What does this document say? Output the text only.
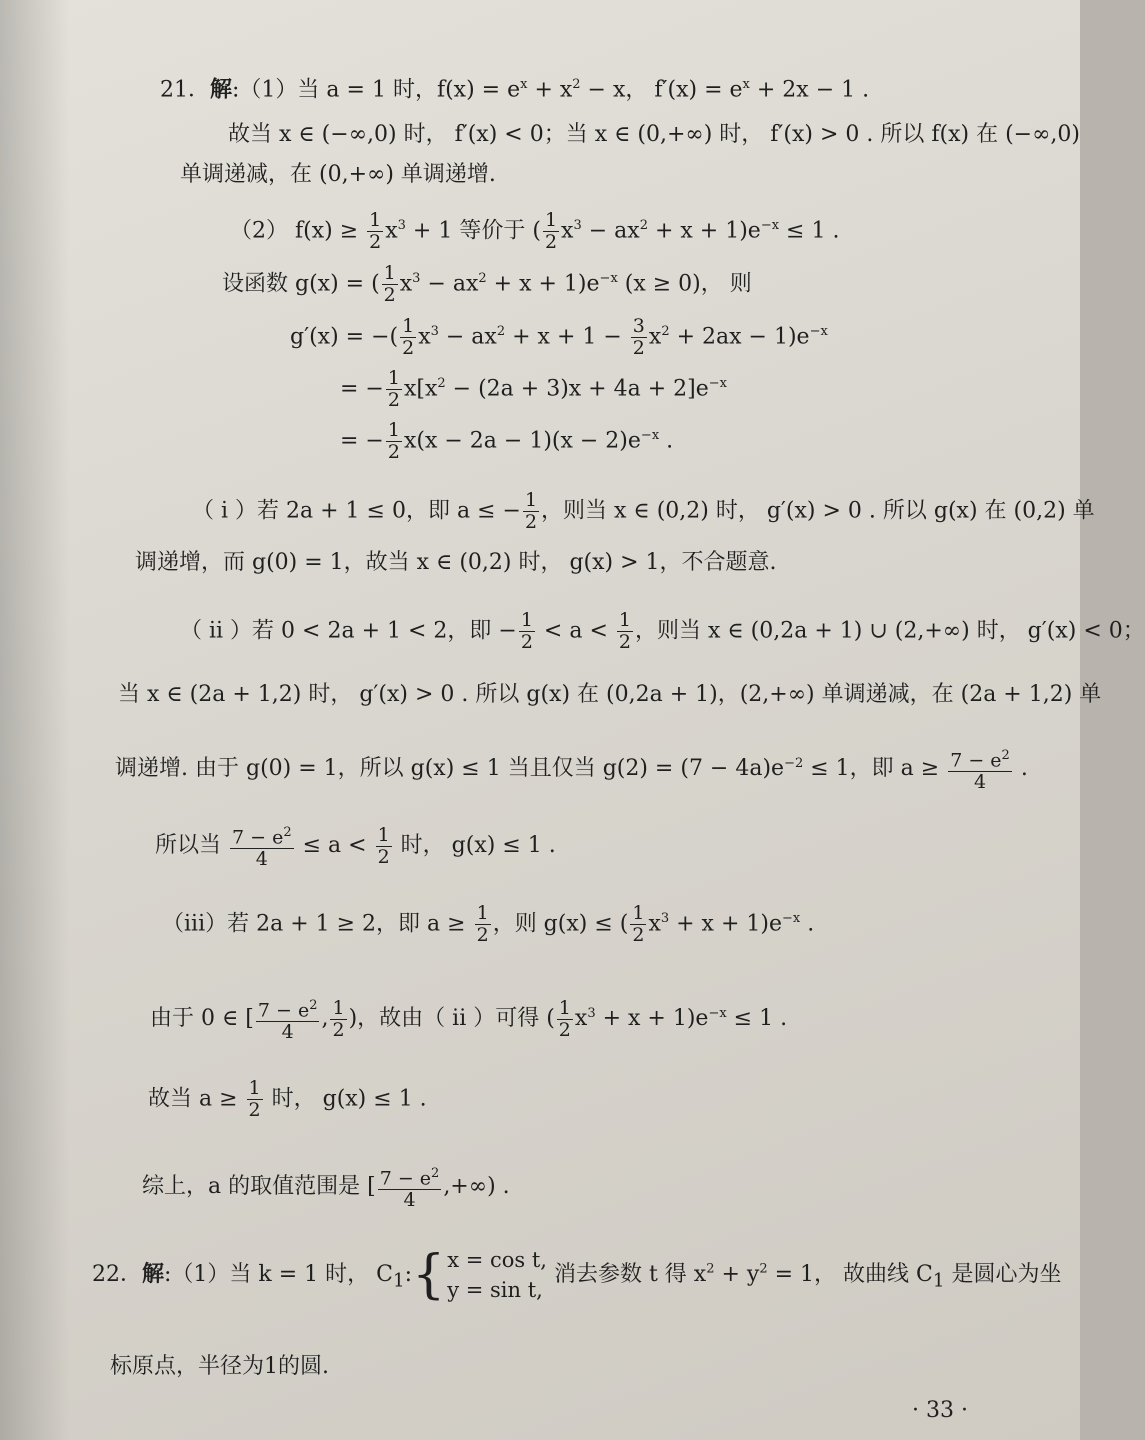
21．解:（1）当 a = 1 时，$f(x) = e^x + x^2 - x$， $f'(x) = e^x + 2x - 1$ .
故当 x ∈ (−∞,0) 时， f′(x) < 0；当 x ∈ (0,+∞) 时， f′(x) > 0 . 所以 f(x) 在 (−∞,0)
单调递减，在 (0,+∞) 单调递增.
（2） $f(x) \ge \frac{1}{2} x^3 + 1$ 等价于 ( $\frac{1}{2} x^3 - ax^2 + x + 1)e^{-x} \le 1$ .
设函数 g(x) = ( $\frac{1}{2} x^3 - ax^2 + x + 1)e^{-x}$ (x ≥ 0)， 则
g′(x) = −( $\frac{1}{2} x^3 - ax^2 + x + 1 - \frac{3}{2} x^2 + 2ax - 1)e^{-x}$
= − $\frac{1}{2} x[x^2 - (2a + 3)x + 4a + 2]e^{-x}$
= − $\frac{1}{2} x(x - 2a - 1)(x - 2)e^{-x}$ .
（ i ）若 2a + 1 ≤ 0，即 a ≤ − $\frac{1}{2}$ ，则当 x ∈ (0,2) 时， g′(x) > 0 . 所以 g(x) 在 (0,2) 单
调递增，而 g(0) = 1，故当 x ∈ (0,2) 时， g(x) > 1，不合题意.
（ ii ）若 0 < 2a + 1 < 2，即 − $\frac{1}{2} < a < \frac{1}{2}$ ，则当 x ∈ (0,2a + 1) ∪ (2,+∞) 时， g′(x) < 0；
当 x ∈ (2a + 1,2) 时， g′(x) > 0 . 所以 g(x) 在 (0,2a + 1)，(2,+∞) 单调递减，在 (2a + 1,2) 单
调递增. 由于 g(0) = 1，所以 g(x) ≤ 1 当且仅当 $g(2) = (7 - 4a)e^{-2} \le 1$，即 $a \ge \frac{7 - e^2}{4}$ .
所以当 $\frac{7 - e^2}{4} \le a < \frac{1}{2}$ 时， g(x) ≤ 1 .
（iii）若 2a + 1 ≥ 2，即 $a \ge \frac{1}{2}$ ，则 g(x) ≤ ( $\frac{1}{2} x^3 + x + 1)e^{-x}$ .
由于 0 ∈ [ $\frac{7 - e^2}{4}$ , $\frac{1}{2}$ )，故由（ ii ）可得 ( $\frac{1}{2} x^3 + x + 1)e^{-x} \le 1$ .
故当 $a \ge \frac{1}{2}$ 时， g(x) ≤ 1 .
综上，a 的取值范围是 [ $\frac{7 - e^2}{4}$ ,+∞) .
22．解:（1）当 k = 1 时， $C_1$:{ x = cos t,
y = sin t,
消去参数 t 得 $x^2 + y^2 = 1$， 故曲线 $C_1$ 是圆心为坐
标原点，半径为1的圆.
· 33 ·
